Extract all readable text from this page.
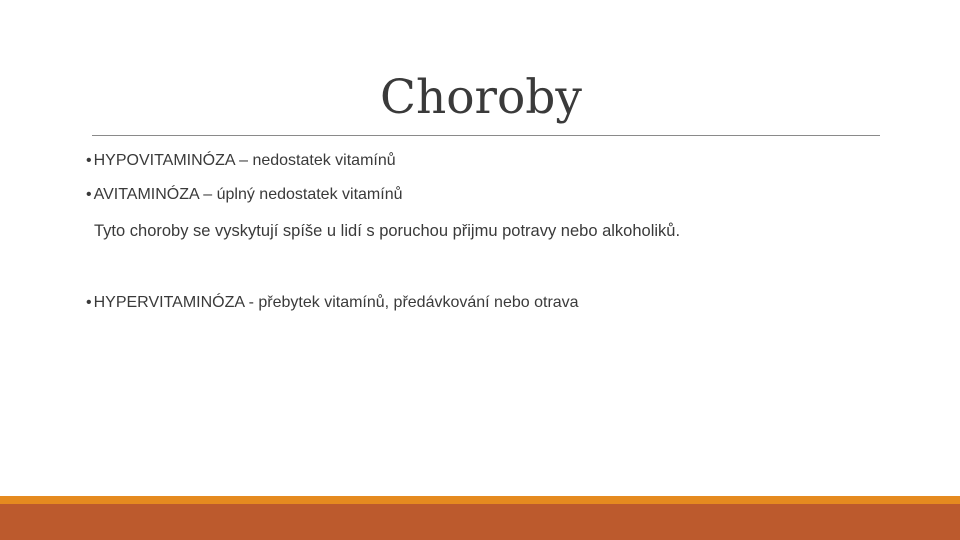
Choroby
• HYPOVITAMINÓZA – nedostatek vitamínů
• AVITAMINÓZA – úplný nedostatek vitamínů
Tyto choroby se vyskytují spíše u lidí s poruchou přijmu potravy nebo alkoholiků.
• HYPERVITAMINÓZA - přebytek vitamínů, předávkování nebo otrava
